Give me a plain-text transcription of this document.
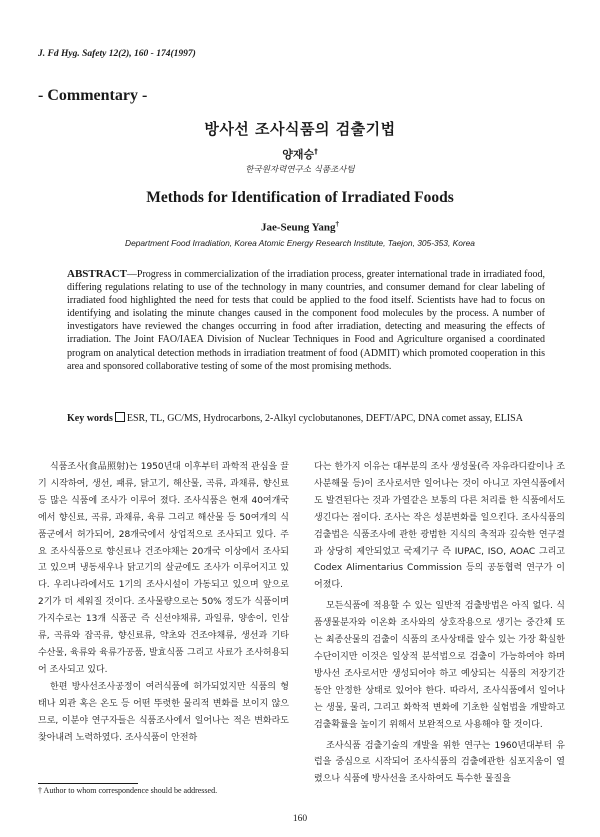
J. Fd Hyg. Safety 12(2), 160 - 174(1997)
- Commentary -
방사선 조사식품의 검출기법
양재승†
한국원자력연구소 식품조사팀
Methods for Identification of Irradiated Foods
Jae-Seung Yang†
Department Food Irradiation, Korea Atomic Energy Research Institute, Taejon, 305-353, Korea
ABSTRACT—Progress in commercialization of the irradiation process, greater international trade in irradiated food, differing regulations relating to use of the technology in many countries, and consumer demand for clear labeling of irradiated food highlighted the need for tests that could be applied to the food itself. Scientists have had to focus on identifying and isolating the minute changes caused in the component food molecules by the process. A number of investigators have reviewed the changes occurring in food after irradiation, detecting and measuring the effects of irradiation. The Joint FAO/IAEA Division of Nuclear Techniques in Food and Agriculture organised a coordinated program on analytical detection methods in irradiation treatment of food (ADMIT) which promoted cooperation in this area and sponsored collaborative testing of some of the most promising methods.
Key words ESR, TL, GC/MS, Hydrocarbons, 2-Alkyl cyclobutanones, DEFT/APC, DNA comet assay, ELISA

식품조사(食品照射)는 1950년대 이후부터 과학적 관심을 끌기 시작하여, 생선, 패류, 닭고기, 해산물, 곡류, 과채류, 향신료 등 많은 식품에 조사가 이루어 졌다. 조사식품은 현재 40여개국에서 향신료, 곡류, 과채류, 육류 그리고 해산물 등 50여개의 식품군에서 허가되어, 28개국에서 상업적으로 조사되고 있다. 주요 조사식품으로 향신료나 건조야채는 20개국 이상에서 조사되고 있으며 냉동새우나 닭고기의 살균에도 조사가 이루어지고 있다. 우리나라에서도 1기의 조사시설이 가동되고 있으며 앞으로 2기가 더 세워질 것이다. 조사물량으로는 50% 정도가 식품이며 가지수로는 13개 식품군 즉 신선야채류, 과일류, 양송이, 인삼류, 곡류와 잡곡류, 향신료류, 약초와 건조야채류, 생선과 기타 수산물, 육류와 육류가공품, 발효식품 그리고 사료가 조사허용되어 조사되고 있다.

한편 방사선조사공정이 여러식품에 허가되었지만 식품의 형태나 외관 혹은 온도 등 어떤 뚜렷한 물리적 변화를 보이지 않으므로, 이분야 연구자들은 식품조사에서 일어나는 적은 변화라도 찾아내려 노력하였다. 조사식품이 안전하

다는 한가지 이유는 대부분의 조사 생성물(즉 자유라디칼이나 조사분해물 등)이 조사로서만 일어나는 것이 아니고 자연식품에서도 발견된다는 것과 가열같은 보통의 다른 처리를 한 식품에서도 생긴다는 점이다. 조사는 작은 성분변화를 일으킨다. 조사식품의 검출법은 식품조사에 관한 광범한 지식의 축적과 깊숙한 연구결과 상당히 제안되었고 국제기구 즉 IUPAC, ISO, AOAC 그리고 Codex Alimentarius Commission 등의 공동협력 연구가 이어졌다.

모든식품에 적용할 수 있는 일반적 검출방법은 아직 없다. 식품생물분자와 이온화 조사와의 상호작용으로 생기는 중간체 또는 최종산물의 검출이 식품의 조사상태를 알수 있는 가장 확실한 수단이지만 이것은 일상적 분석법으로 검출이 가능하여야 하며 방사선 조사로서만 생성되어야 하고 예상되는 식품의 저장기간동안 안정한 상태로 있어야 한다. 따라서, 조사식품에서 일어나는 생물, 물리, 그리고 화학적 변화에 기초한 실험법을 개발하고 검출확률을 높이기 위해서 보완적으로 사용해야 할 것이다.

조사식품 검출기술의 개발을 위한 연구는 1960년대부터 유럽을 중심으로 시작되어 조사식품의 검출에관한 심포지움이 열렸으나 식품에 방사선을 조사하여도 특수한 물질을

† Author to whom correspondence should be addressed.
160
